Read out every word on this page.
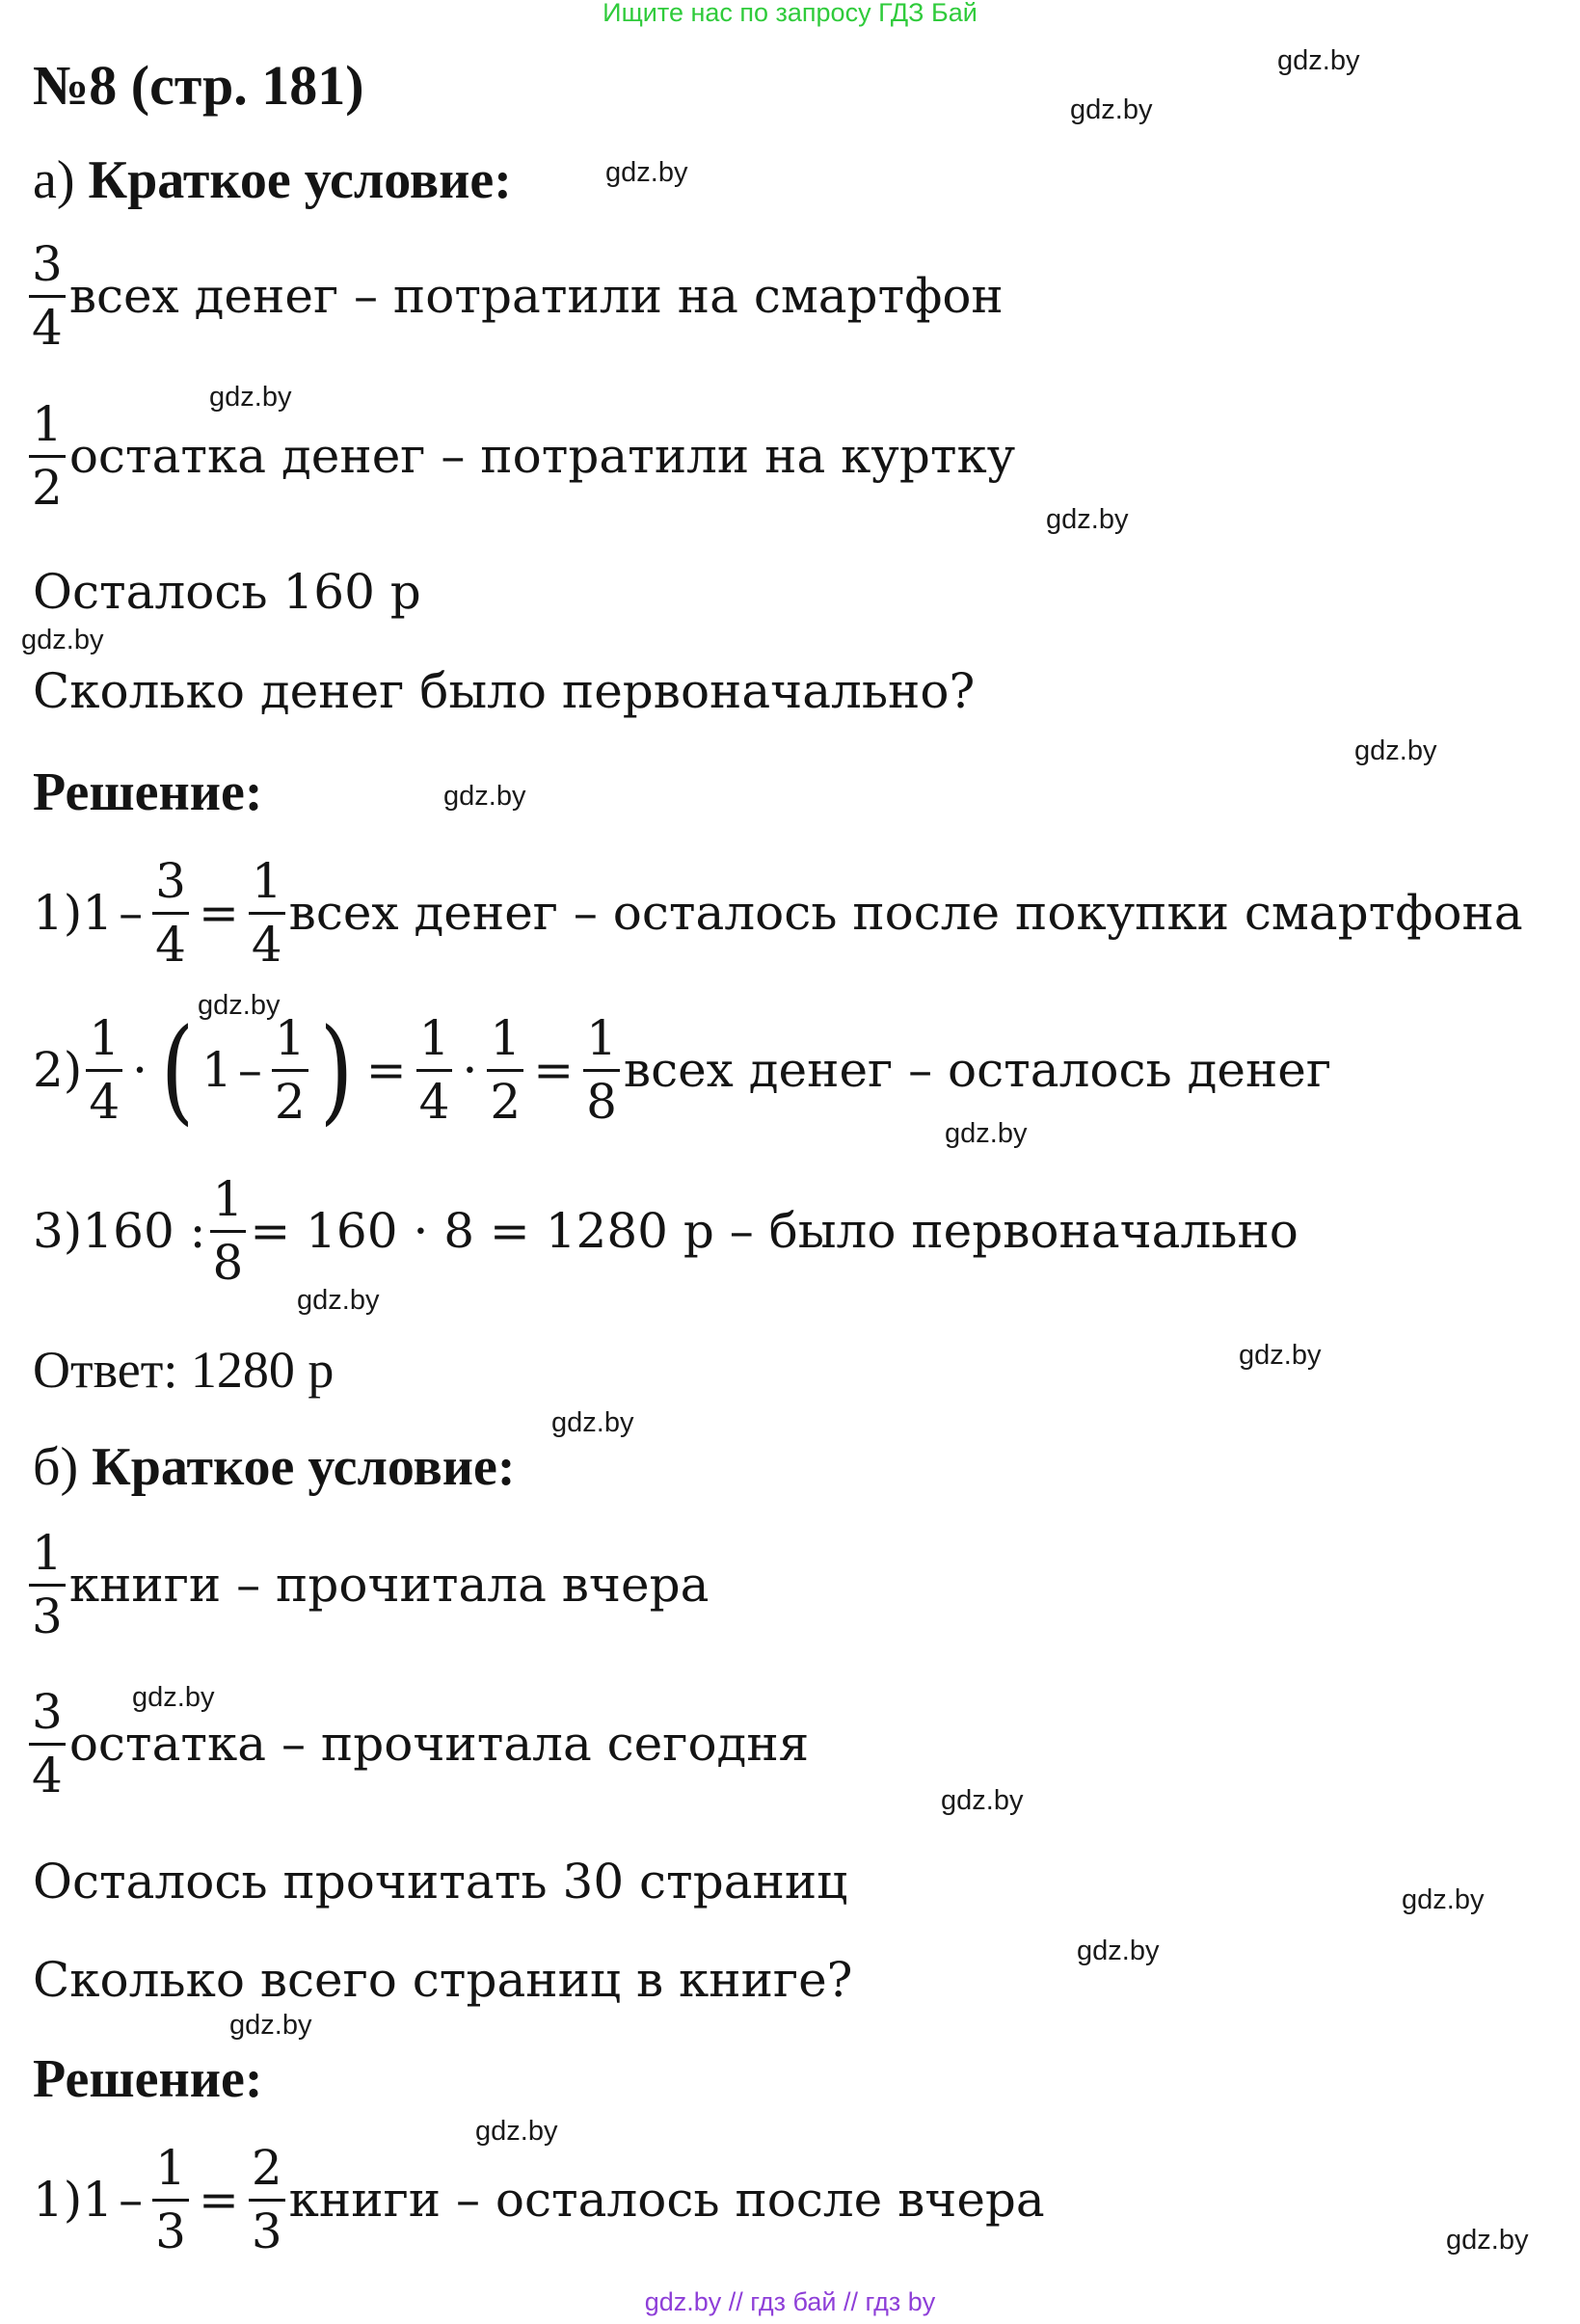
Ищите нас по запросу ГДЗ Бай
№8 (стр. 181)
а) Краткое условие:
$\frac{3}{4}$ всех денег – потратили на смартфон
$\frac{1}{2}$ остатка денег – потратили на куртку
Осталось 160 р
Сколько денег было первоначально?
Решение:
1) $1 - \frac{3}{4} = \frac{1}{4}$ всех денег – осталось после покупки смартфона
$2) \frac{1}{4}$ · ( $1 - \frac{1}{2}$ ) = $\frac{1}{4} \cdot \frac{1}{2} = \frac{1}{8}$ всех денег – осталось денег
3) 160 : $\frac{1}{8} = 160 \cdot 8 = 1280$ р – было первоначально
Ответ: 1280 р
б) Краткое условие:
$\frac{1}{3}$ книги – прочитала вчера
$\frac{3}{4}$ остатка – прочитала сегодня
Осталось прочитать 30 страниц
Сколько всего страниц в книге?
Решение:
1) $1 - \frac{1}{3} = \frac{2}{3}$ книги – осталось после вчера
gdz.by
gdz.by
gdz.by
gdz.by
gdz.by
gdz.by
gdz.by
gdz.by
gdz.by
gdz.by
gdz.by
gdz.by
gdz.by
gdz.by
gdz.by
gdz.by
gdz.by
gdz.by
gdz.by
gdz.by
gdz.by // гдз бай // гдз by
